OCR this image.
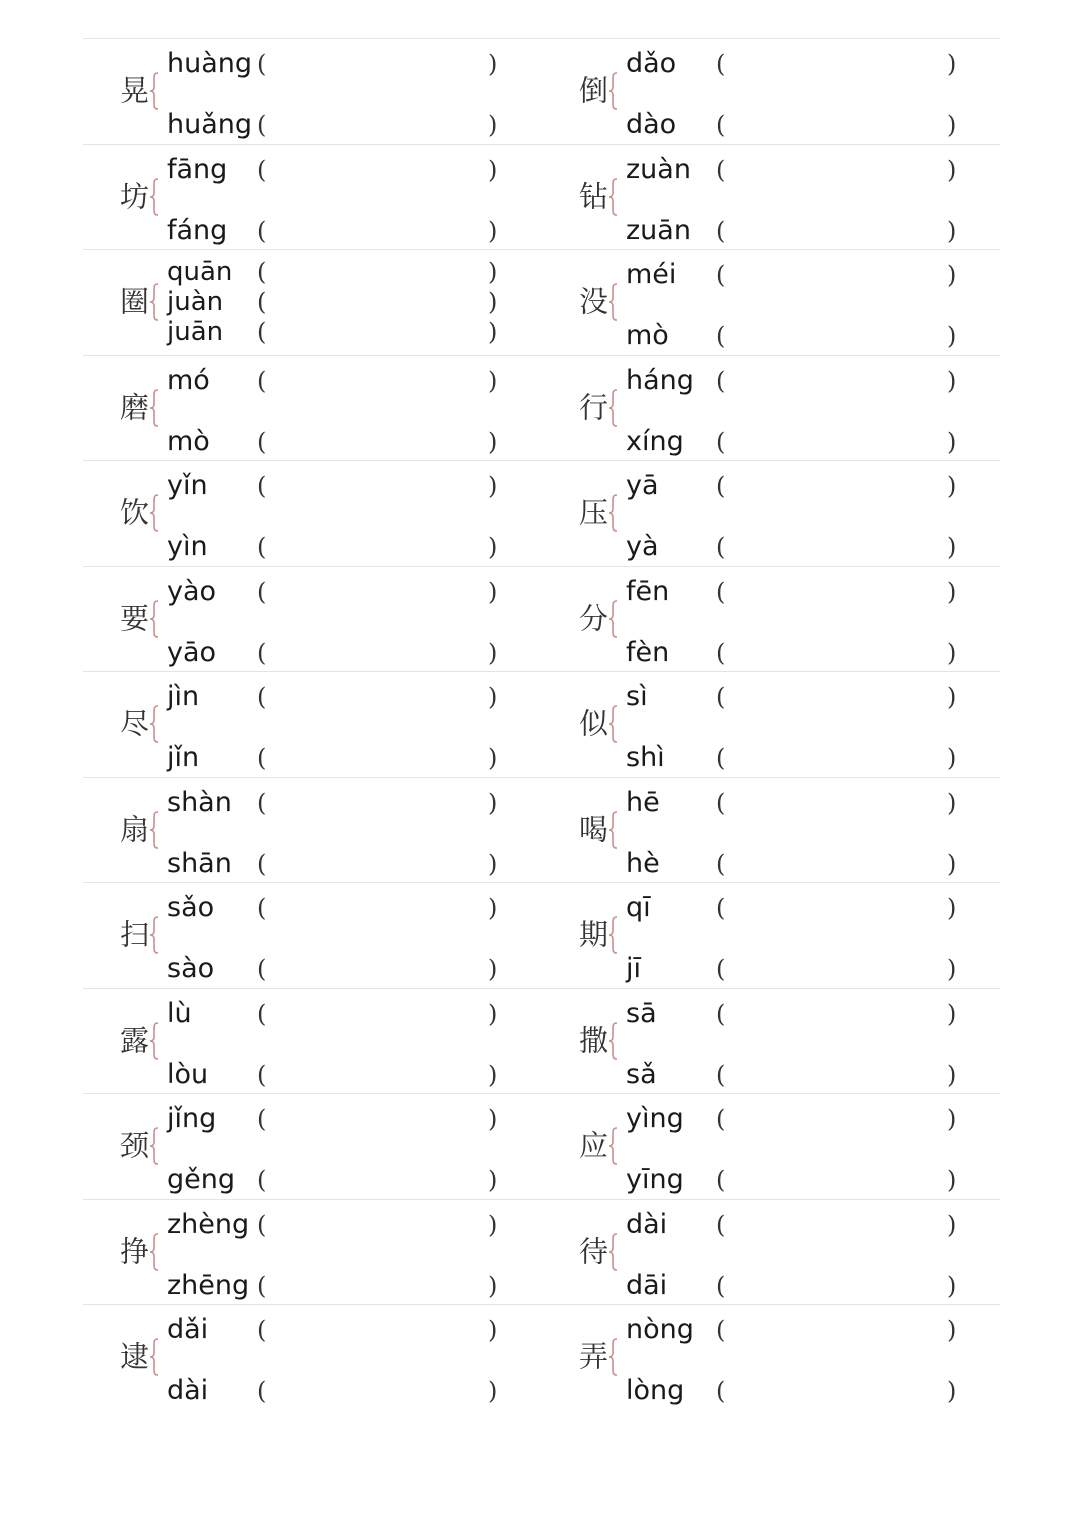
晃
huàng (	)
huǎng (	)
倒
dǎo (	)
dào (	)
坊
fāng (	)
fáng (	)
钻
zuàn (	)
zuān (	)
圈
quān (	)
juàn (	)
juān (	)
没
méi (	)
mò (	)
磨
mó (	)
mò (	)
行
háng (	)
xíng (	)
饮
yǐn (	)
yìn (	)
压
yā (	)
yà (	)
要
yào (	)
yāo (	)
分
fēn (	)
fèn (	)
尽
jìn (	)
jǐn (	)
似
sì	(	)
shì (	)
扇
shàn (	)
shān (	)
喝
hē (	)
hè (	)
扫
sǎo (	)
sào (	)
期
qī	(	)
jī	(	)
露
lù	(	)
lòu (	)
撒
sā (	)
sǎ (	)
颈
jǐng (	)
gěng (	)
应
yìng (	)
yīng (	)
挣
zhèng (	)
zhēng (	)
待
dài (	)
dāi (	)
逮
dǎi (	)
dài (	)
弄
nòng (	)
lòng (	)
